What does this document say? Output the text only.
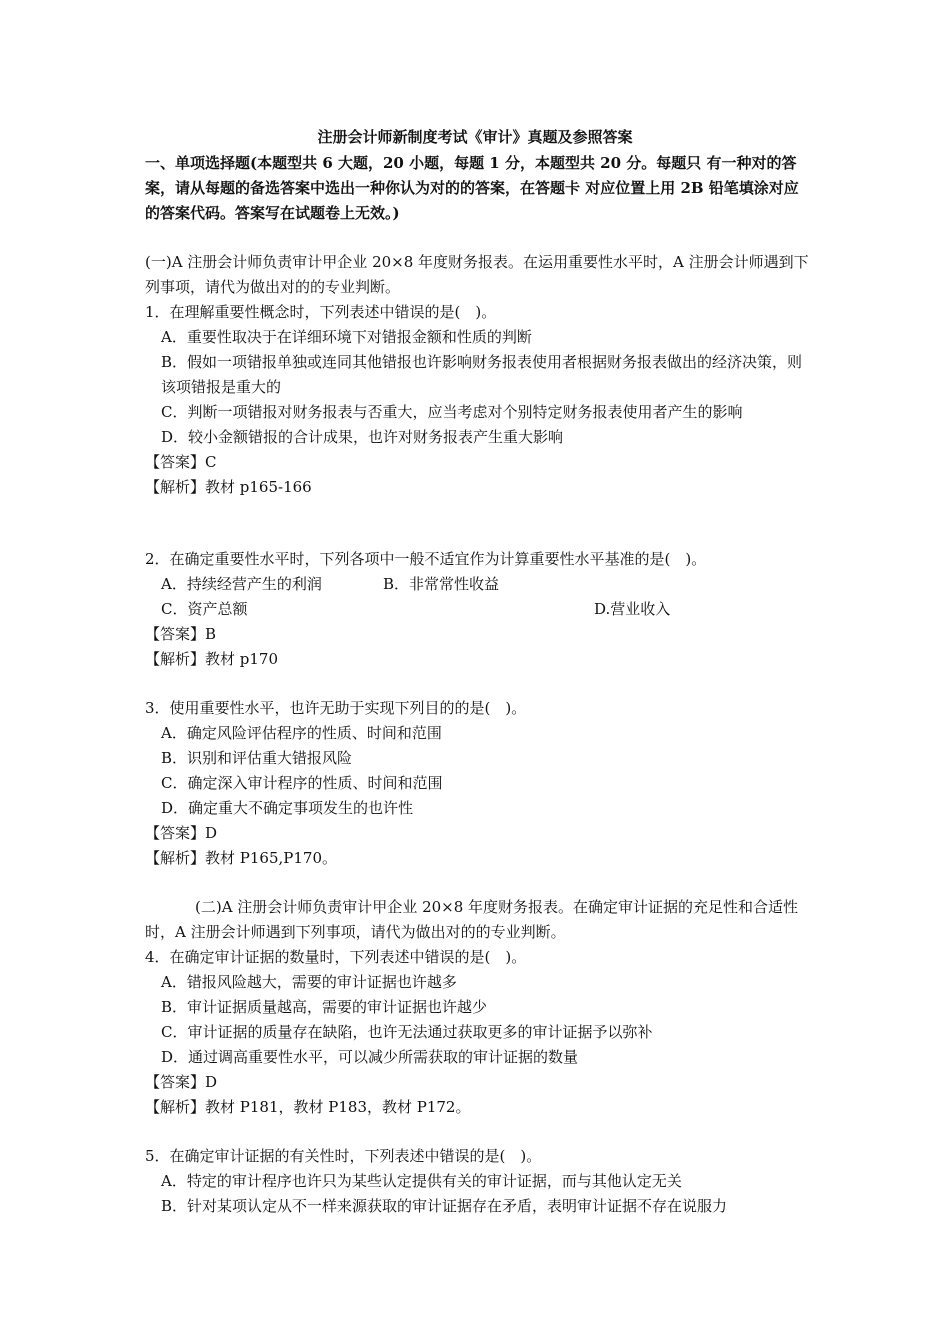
注册会计师新制度考试《审计》真题及参照答案
一、单项选择题(本题型共 6 大题，20 小题，每题 1 分，本题型共 20 分。每题只 有一种对的答案，请从每题的备选答案中选出一种你认为对的的答案，在答题卡 对应位置上用 2B 铅笔填涂对应的答案代码。答案写在试题卷上无效。)
(一)A 注册会计师负责审计甲企业 20×8 年度财务报表。在运用重要性水平时，A 注册会计师遇到下列事项，请代为做出对的的专业判断。
1．在理解重要性概念时，下列表述中错误的是(　)。
A．重要性取决于在详细环境下对错报金额和性质的判断
B．假如一项错报单独或连同其他错报也许影响财务报表使用者根据财务报表做出的经济决策，则该项错报是重大的
C．判断一项错报对财务报表与否重大，应当考虑对个别特定财务报表使用者产生的影响
D．较小金额错报的合计成果，也许对财务报表产生重大影响
【答案】C
【解析】教材 p165-166
2．在确定重要性水平时，下列各项中一般不适宜作为计算重要性水平基准的是(　)。
A．持续经营产生的利润	B．非常常性收益
C．资产总额	D.营业收入
【答案】B
【解析】教材 p170
3．使用重要性水平，也许无助于实现下列目的的是(　)。
A．确定风险评估程序的性质、时间和范围
B．识别和评估重大错报风险
C．确定深入审计程序的性质、时间和范围
D．确定重大不确定事项发生的也许性
【答案】D
【解析】教材 P165,P170。
(二)A 注册会计师负责审计甲企业 20×8 年度财务报表。在确定审计证据的充足性和合适性时，A 注册会计师遇到下列事项，请代为做出对的的专业判断。
4．在确定审计证据的数量时，下列表述中错误的是(　)。
A．错报风险越大，需要的审计证据也许越多
B．审计证据质量越高，需要的审计证据也许越少
C．审计证据的质量存在缺陷，也许无法通过获取更多的审计证据予以弥补
D．通过调高重要性水平，可以减少所需获取的审计证据的数量
【答案】D
【解析】教材 P181，教材 P183，教材 P172。
5．在确定审计证据的有关性时，下列表述中错误的是(　)。
A．特定的审计程序也许只为某些认定提供有关的审计证据，而与其他认定无关
B．针对某项认定从不一样来源获取的审计证据存在矛盾，表明审计证据不存在说服力
